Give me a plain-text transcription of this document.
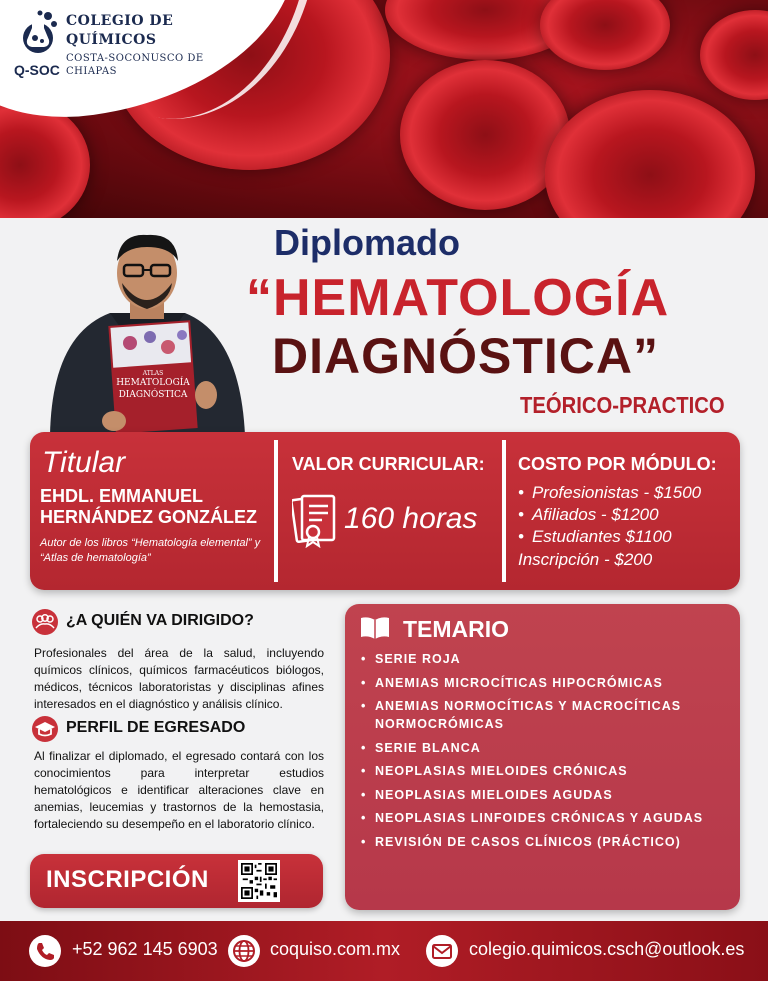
Q-SOC
COLEGIO DE QUÍMICOS
COSTA-SOCONUSCO DE CHIAPAS
ATLAS
HEMATOLOGÍA
DIAGNÓSTICA
Diplomado
“HEMATOLOGÍA
DIAGNÓSTICA”
TEÓRICO-PRACTICO
Titular
EHDL. EMMANUEL HERNÁNDEZ GONZÁLEZ
Autor de los libros “Hematología elemental” y “Atlas de hematología”
VALOR CURRICULAR:
160 horas
COSTO POR MÓDULO:
• Profesionistas - $1500
• Afiliados - $1200
• Estudiantes $1100
Inscripción - $200
¿A QUIÉN VA DIRIGIDO?
Profesionales del área de la salud, incluyendo químicos clínicos, químicos farmacéuticos biólogos, médicos, técnicos laboratoristas y disciplinas afines interesados en el diagnóstico y análisis clínico.
PERFIL DE EGRESADO
Al finalizar el diplomado, el egresado contará con los conocimientos para interpretar estudios hematológicos e identificar alteraciones clave en anemias, leucemias y trastornos de la hemostasia, fortaleciendo su desempeño en el laboratorio clínico.
INSCRIPCIÓN
TEMARIO
• SERIE ROJA
• ANEMIAS MICROCÍTICAS HIPOCRÓMICAS
• ANEMIAS NORMOCÍTICAS Y MACROCÍTICAS NORMOCRÓMICAS
• SERIE BLANCA
• NEOPLASIAS MIELOIDES CRÓNICAS
• NEOPLASIAS MIELOIDES AGUDAS
• NEOPLASIAS LINFOIDES CRÓNICAS Y AGUDAS
• REVISIÓN DE CASOS CLÍNICOS (PRÁCTICO)
+52 962 145 6903	coquiso.com.mx	colegio.quimicos.csch@outlook.es
